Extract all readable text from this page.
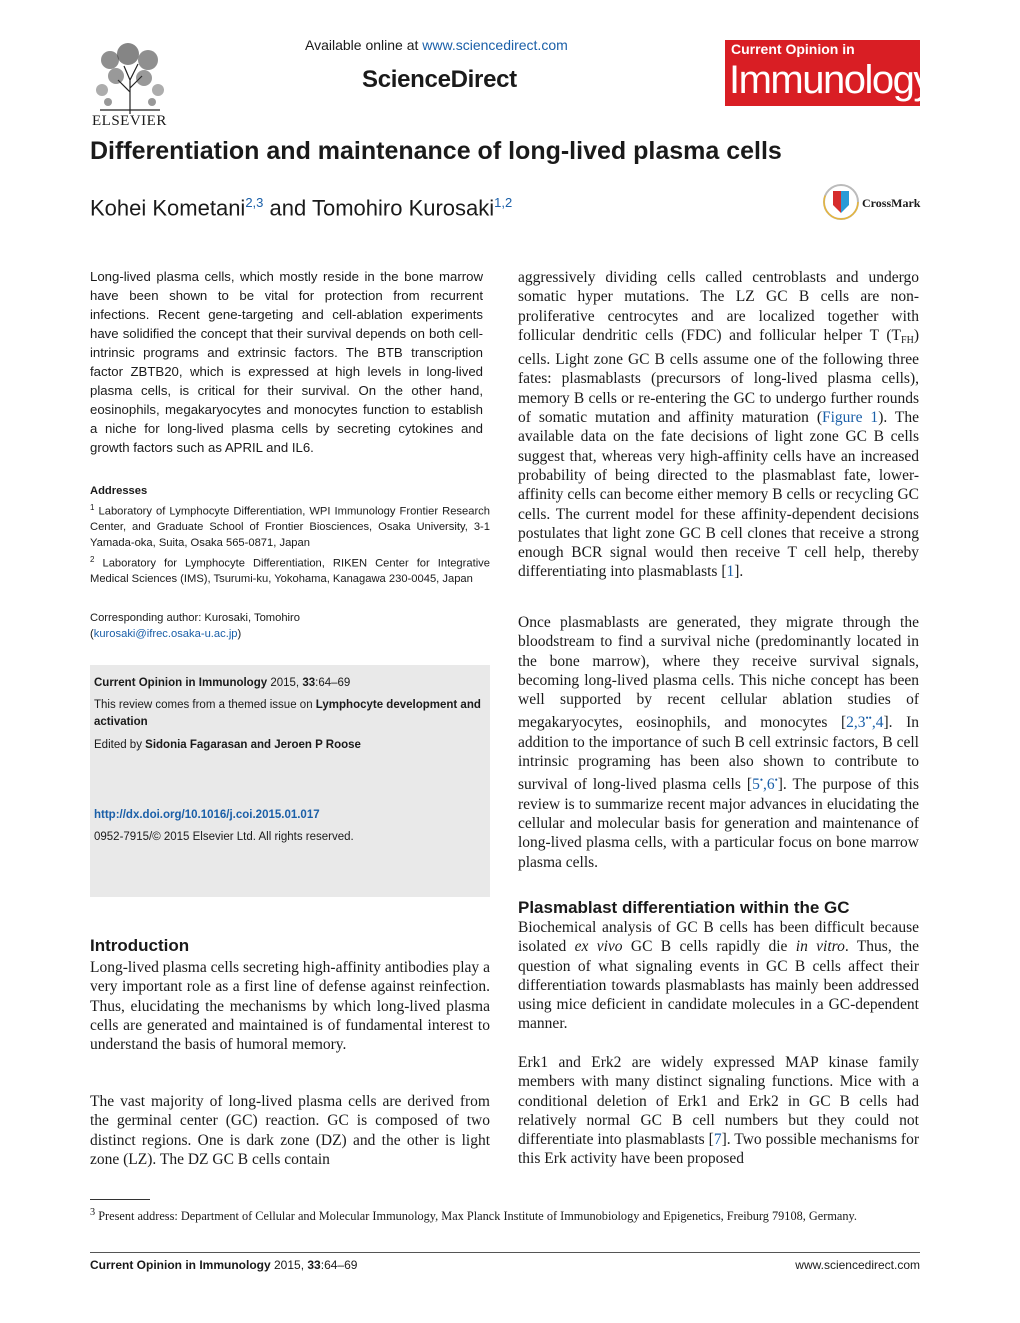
ELSEVIER
Available online at www.sciencedirect.com
ScienceDirect
Current Opinion in
Immunology
Differentiation and maintenance of long-lived plasma cells
Kohei Kometani$^{2,3}$ and Tomohiro Kurosaki$^{1,2}$	CrossMark
Long-lived plasma cells, which mostly reside in the bone marrow have been shown to be vital for protection from recurrent infections. Recent gene-targeting and cell-ablation experiments have solidified the concept that their survival depends on both cell-intrinsic programs and extrinsic factors. The BTB transcription factor ZBTB20, which is expressed at high levels in long-lived plasma cells, is critical for their survival. On the other hand, eosinophils, megakaryocytes and monocytes function to establish a niche for long-lived plasma cells by secreting cytokines and growth factors such as APRIL and IL6.
Addresses

$^1$ Laboratory of Lymphocyte Differentiation, WPI Immunology Frontier Research Center, and Graduate School of Frontier Biosciences, Osaka University, 3-1 Yamada-oka, Suita, Osaka 565-0871, Japan

$^2$ Laboratory for Lymphocyte Differentiation, RIKEN Center for Integrative Medical Sciences (IMS), Tsurumi-ku, Yokohama, Kanagawa 230-0045, Japan

Corresponding author: Kurosaki, Tomohiro
(kurosaki@ifrec.osaka-u.ac.jp)
Current Opinion in Immunology 2015, 33:64–69
This review comes from a themed issue on Lymphocyte development and activation
Edited by Sidonia Fagarasan and Jeroen P Roose
http://dx.doi.org/10.1016/j.coi.2015.01.017
0952-7915/© 2015 Elsevier Ltd. All rights reserved.
Introduction
Long-lived plasma cells secreting high-affinity antibodies play a very important role as a first line of defense against reinfection. Thus, elucidating the mechanisms by which long-lived plasma cells are generated and maintained is of fundamental interest to understand the basis of humoral memory.
The vast majority of long-lived plasma cells are derived from the germinal center (GC) reaction. GC is composed of two distinct regions. One is dark zone (DZ) and the other is light zone (LZ). The DZ GC B cells contain
aggressively dividing cells called centroblasts and undergo somatic hyper mutations. The LZ GC B cells are non-proliferative centrocytes and are localized together with follicular dendritic cells (FDC) and follicular helper T $(T_{FH})$ cells. Light zone GC B cells assume one of the following three fates: plasmablasts (precursors of long-lived plasma cells), memory B cells or re-entering the GC to undergo further rounds of somatic mutation and affinity maturation (Figure 1). The available data on the fate decisions of light zone GC B cells suggest that, whereas very high-affinity cells have an increased probability of being directed to the plasmablast fate, lower-affinity cells can become either memory B cells or recycling GC cells. The current model for these affinity-dependent decisions postulates that light zone GC B cell clones that receive a strong enough BCR signal would then receive T cell help, thereby differentiating into plasmablasts [1].
Once plasmablasts are generated, they migrate through the bloodstream to find a survival niche (predominantly located in the bone marrow), where they receive survival signals, becoming long-lived plasma cells. This niche concept has been well supported by recent cellular ablation studies of megakaryocytes, eosinophils, and monocytes [2,3••,4]. In addition to the importance of such B cell extrinsic factors, B cell intrinsic programing has been also shown to contribute to survival of long-lived plasma cells [5•,6•]. The purpose of this review is to summarize recent major advances in elucidating the cellular and molecular basis for generation and maintenance of long-lived plasma cells, with a particular focus on bone marrow plasma cells.
Plasmablast differentiation within the GC
Biochemical analysis of GC B cells has been difficult because isolated ex vivo GC B cells rapidly die in vitro. Thus, the question of what signaling events in GC B cells affect their differentiation towards plasmablasts has mainly been addressed using mice deficient in candidate molecules in a GC-dependent manner.
Erk1 and Erk2 are widely expressed MAP kinase family members with many distinct signaling functions. Mice with a conditional deletion of Erk1 and Erk2 in GC B cells had relatively normal GC B cell numbers but they could not differentiate into plasmablasts [7]. Two possible mechanisms for this Erk activity have been proposed
$^3$ Present address: Department of Cellular and Molecular Immunology, Max Planck Institute of Immunobiology and Epigenetics, Freiburg 79108, Germany.
Current Opinion in Immunology 2015, 33:64–69	www.sciencedirect.com
